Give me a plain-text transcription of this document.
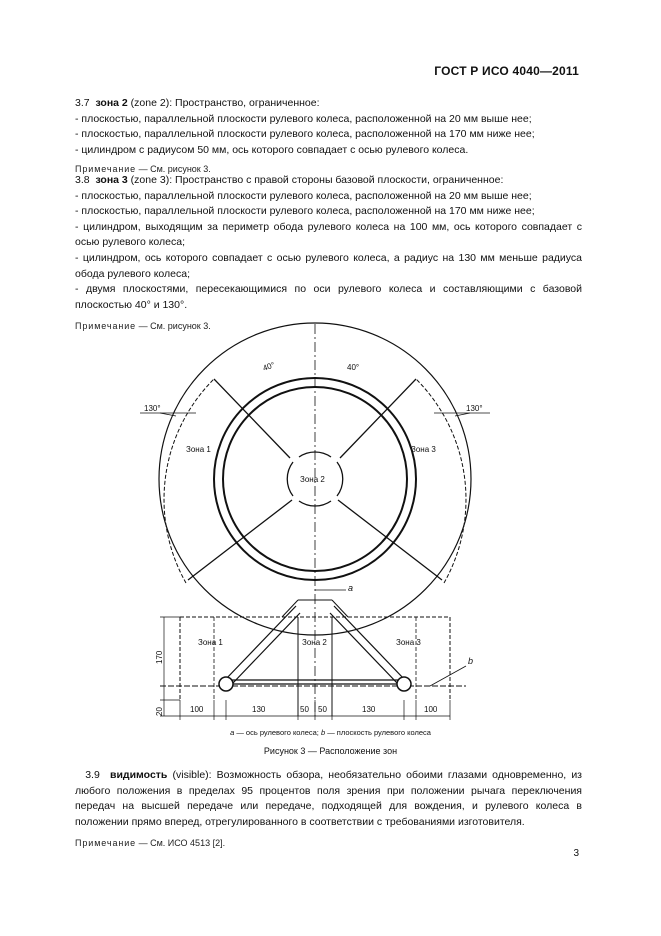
ГОСТ Р ИСО 4040—2011

3.7 зона 2 (zone 2): Пространство, ограниченное:

- плоскостью, параллельной плоскости рулевого колеса, расположенной на 20 мм выше нее;

- плоскостью, параллельной плоскости рулевого колеса, расположенной на 170 мм ниже нее;

- цилиндром с радиусом 50 мм, ось которого совпадает с осью рулевого колеса.

Примечание — См. рисунок 3.

3.8 зона 3 (zone 3): Пространство с правой стороны базовой плоскости, ограниченное:

- плоскостью, параллельной плоскости рулевого колеса, расположенной на 20 мм выше нее;

- плоскостью, параллельной плоскости рулевого колеса, расположенной на 170 мм ниже нее;

- цилиндром, выходящим за периметр обода рулевого колеса на 100 мм, ось которого совпадает с осью рулевого колеса;

- цилиндром, ось которого совпадает с осью рулевого колеса, а радиус на 130 мм меньше радиуса обода рулевого колеса;

- двумя плоскостями, пересекающимися по оси рулевого колеса и составляющими с базовой плоскостью 40° и 130°.

Примечание — См. рисунок 3.

40°	40°
130°	130°
Зона 1	Зона 3
Зона 2
a
Зона 1	Зона 2	Зона 3
b
170
20	100	130	50 50	130	100
a — ось рулевого колеса; b — плоскость рулевого колеса
Рисунок 3 — Расположение зон

3.9 видимость (visible): Возможность обзора, необязательно обоими глазами одновременно, из любого положения в пределах 95 процентов поля зрения при положении рычага переключения передач на высшей передаче или передаче, подходящей для вождения, и рулевого колеса в положении прямо вперед, отрегулированного в соответствии с требованиями изготовителя.

Примечание — См. ИСО 4513 [2].

3
